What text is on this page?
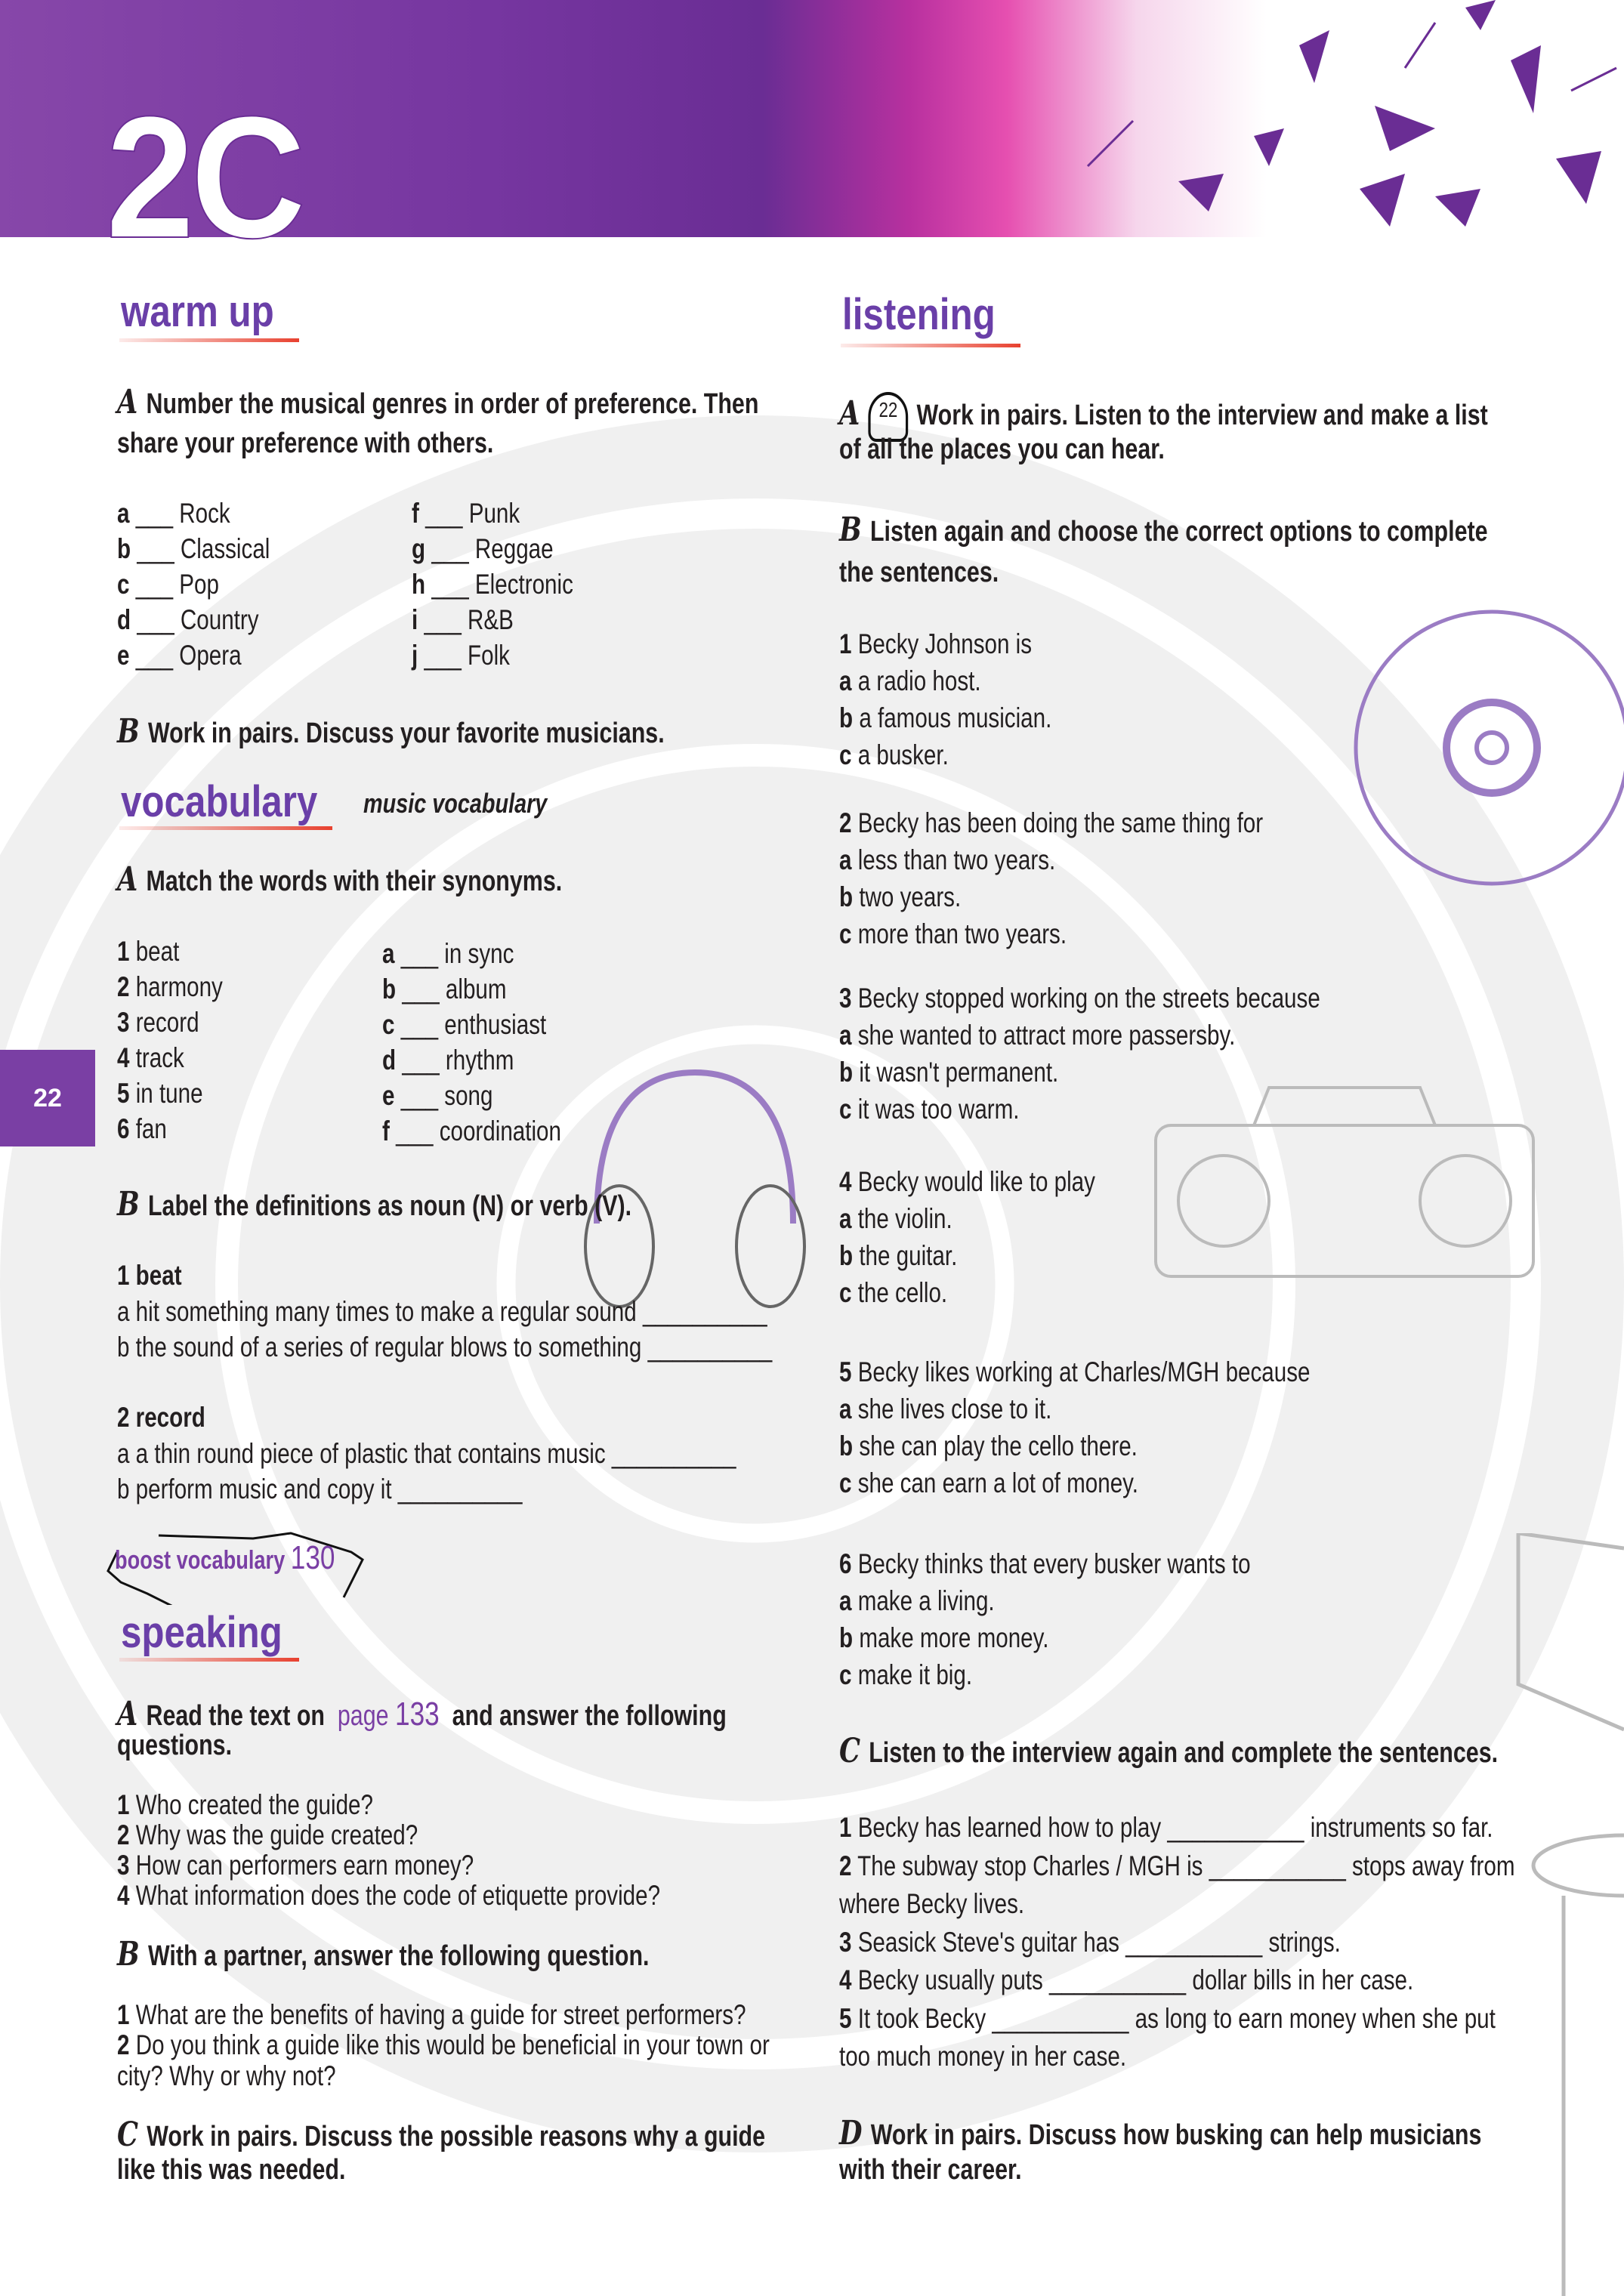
2C
22
warm up
A Number the musical genres in order of preference. Then
share your preference with others.
a ___ Rock
b ___ Classical
c ___ Pop
d ___ Country
e ___ Opera
f ___ Punk
g ___ Reggae
h ___ Electronic
i ___ R&B
j ___ Folk
B Work in pairs. Discuss your favorite musicians.
vocabulary music vocabulary
A Match the words with their synonyms.
1 beat
2 harmony
3 record
4 track
5 in tune
6 fan
a ___ in sync
b ___ album
c ___ enthusiast
d ___ rhythm
e ___ song
f ___ coordination
B Label the definitions as noun (N) or verb (V).
1 beat
a hit something many times to make a regular sound __________
b the sound of a series of regular blows to something __________
2 record
a a thin round piece of plastic that contains music __________
b perform music and copy it __________
boost vocabulary 130
speaking
A Read the text on page 133 and answer the following
questions.
1 Who created the guide?
2 Why was the guide created?
3 How can performers earn money?
4 What information does the code of etiquette provide?
B With a partner, answer the following question.
1 What are the benefits of having a guide for street performers?
2 Do you think a guide like this would be beneficial in your town or
city? Why or why not?
C Work in pairs. Discuss the possible reasons why a guide
like this was needed.
listening
A 22 Work in pairs. Listen to the interview and make a list
of all the places you can hear.
B Listen again and choose the correct options to complete
the sentences.
1 Becky Johnson is
a a radio host.
b a famous musician.
c a busker.
2 Becky has been doing the same thing for
a less than two years.
b two years.
c more than two years.
3 Becky stopped working on the streets because
a she wanted to attract more passersby.
b it wasn't permanent.
c it was too warm.
4 Becky would like to play
a the violin.
b the guitar.
c the cello.
5 Becky likes working at Charles/MGH because
a she lives close to it.
b she can play the cello there.
c she can earn a lot of money.
6 Becky thinks that every busker wants to
a make a living.
b make more money.
c make it big.
C Listen to the interview again and complete the sentences.
1 Becky has learned how to play ___________ instruments so far.
2 The subway stop Charles / MGH is ___________ stops away from
where Becky lives.
3 Seasick Steve's guitar has ___________ strings.
4 Becky usually puts ___________ dollar bills in her case.
5 It took Becky ___________ as long to earn money when she put
too much money in her case.
D Work in pairs. Discuss how busking can help musicians
with their career.
